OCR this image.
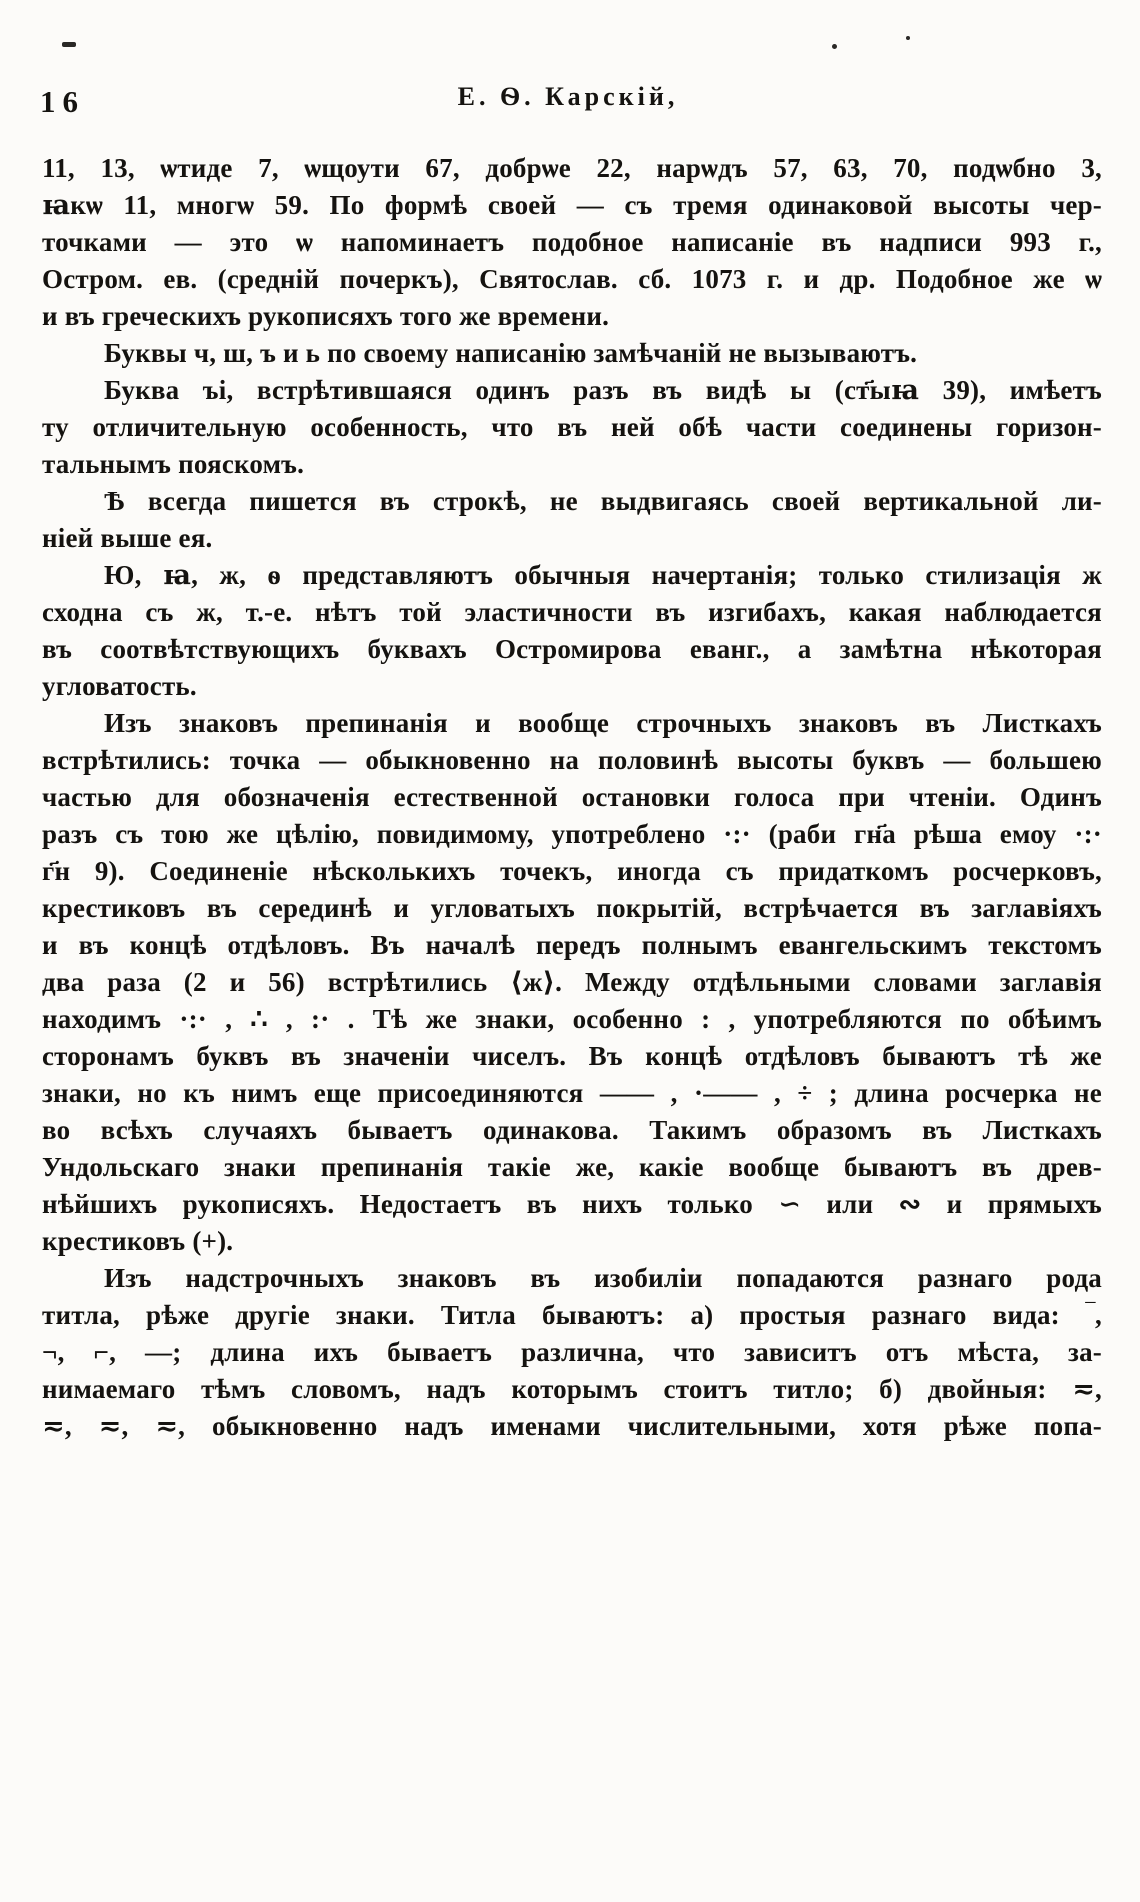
16	Е. Ѳ. Карскій,
11, 13, ѡтиде 7, ѡщоути 67, добрѡе 22, нарѡдъ 57, 63, 70, подѡбно 3,
ꙗкѡ 11, многѡ 59. По формѣ своей — съ тремя одинаковой высоты чер-
точками — это ѡ напоминаетъ подобное написаніе въ надписи 993 г.,
Остром. ев. (средній почеркъ), Святослав. сб. 1073 г. и др. Подобное же ѡ
и въ греческихъ рукописяхъ того же времени.
Буквы ч, ш, ъ и ь по своему написанію замѣчаній не вызываютъ.
Буква ъі, встрѣтившаяся одинъ разъ въ видѣ ы (ст҃ыꙗ 39), имѣетъ
ту отличительную особенность, что въ ней обѣ части соединены горизон-
тальнымъ пояскомъ.
Ѣ всегда пишется въ строкѣ, не выдвигаясь своей вертикальной ли-
ніей выше ея.
Ю, ꙗ, ж, ѳ представляютъ обычныя начертанія; только стилизація ж
сходна съ ж, т.-е. нѣтъ той эластичности въ изгибахъ, какая наблюдается
въ соотвѣтствующихъ буквахъ Остромирова еванг., а замѣтна нѣкоторая
угловатость.
Изъ знаковъ препинанія и вообще строчныхъ знаковъ въ Листкахъ
встрѣтились: точка — обыкновенно на половинѣ высоты буквъ — большею
частью для обозначенія естественной остановки голоса при чтеніи. Одинъ
разъ съ тою же цѣлію, повидимому, употреблено ·:· (раби гн҃а рѣша емоу ·:·
г҃н 9). Соединеніе нѣсколькихъ точекъ, иногда съ придаткомъ росчерковъ,
крестиковъ въ серединѣ и угловатыхъ покрытій, встрѣчается въ заглавіяхъ
и въ концѣ отдѣловъ. Въ началѣ передъ полнымъ евангельскимъ текстомъ
два раза (2 и 56) встрѣтились ⟨ж⟩. Между отдѣльными словами заглавія
находимъ ·:· , ∴ , :· . Тѣ же знаки, особенно : , употребляются по обѣимъ
сторонамъ буквъ въ значеніи чиселъ. Въ концѣ отдѣловъ бываютъ тѣ же
знаки, но къ нимъ еще присоединяются —— , ·—— , ÷ ; длина росчерка не
во всѣхъ случаяхъ бываетъ одинакова. Такимъ образомъ въ Листкахъ
Ундольскаго знаки препинанія такіе же, какіе вообще бываютъ въ древ-
нѣйшихъ рукописяхъ. Недостаетъ въ нихъ только ∽ или ∾ и прямыхъ
крестиковъ (+).
Изъ надстрочныхъ знаковъ въ изобиліи попадаются разнаго рода
титла, рѣже другіе знаки. Титла бываютъ: а) простыя разнаго вида: ‾,
¬, ⌐, —; длина ихъ бываетъ различна, что зависитъ отъ мѣста, за-
нимаемаго тѣмъ словомъ, надъ которымъ стоитъ титло; б) двойныя: ≂,
≂, ≂, ≂, обыкновенно надъ именами числительными, хотя рѣже попа-
